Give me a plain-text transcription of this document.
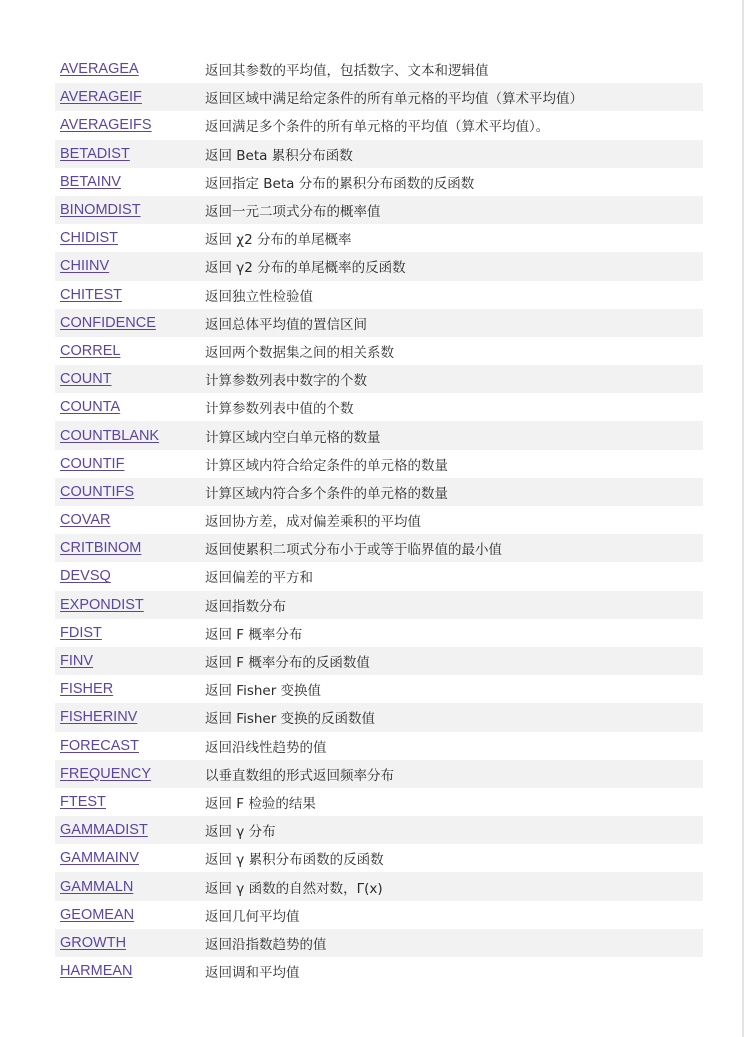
AVERAGEA	返回其参数的平均值，包括数字、文本和逻辑值
AVERAGEIF	返回区域中满足给定条件的所有单元格的平均值（算术平均值）
AVERAGEIFS	返回满足多个条件的所有单元格的平均值（算术平均值）。
BETADIST	返回 Beta 累积分布函数
BETAINV	返回指定 Beta 分布的累积分布函数的反函数
BINOMDIST	返回一元二项式分布的概率值
CHIDIST	返回 χ2 分布的单尾概率
CHIINV	返回 γ2 分布的单尾概率的反函数
CHITEST	返回独立性检验值
CONFIDENCE	返回总体平均值的置信区间
CORREL	返回两个数据集之间的相关系数
COUNT	计算参数列表中数字的个数
COUNTA	计算参数列表中值的个数
COUNTBLANK	计算区域内空白单元格的数量
COUNTIF	计算区域内符合给定条件的单元格的数量
COUNTIFS	计算区域内符合多个条件的单元格的数量
COVAR	返回协方差，成对偏差乘积的平均值
CRITBINOM	返回使累积二项式分布小于或等于临界值的最小值
DEVSQ	返回偏差的平方和
EXPONDIST	返回指数分布
FDIST	返回 F 概率分布
FINV	返回 F 概率分布的反函数值
FISHER	返回 Fisher 变换值
FISHERINV	返回 Fisher 变换的反函数值
FORECAST	返回沿线性趋势的值
FREQUENCY	以垂直数组的形式返回频率分布
FTEST	返回 F 检验的结果
GAMMADIST	返回 γ 分布
GAMMAINV	返回 γ 累积分布函数的反函数
GAMMALN	返回 γ 函数的自然对数，Γ(x)
GEOMEAN	返回几何平均值
GROWTH	返回沿指数趋势的值
HARMEAN	返回调和平均值
